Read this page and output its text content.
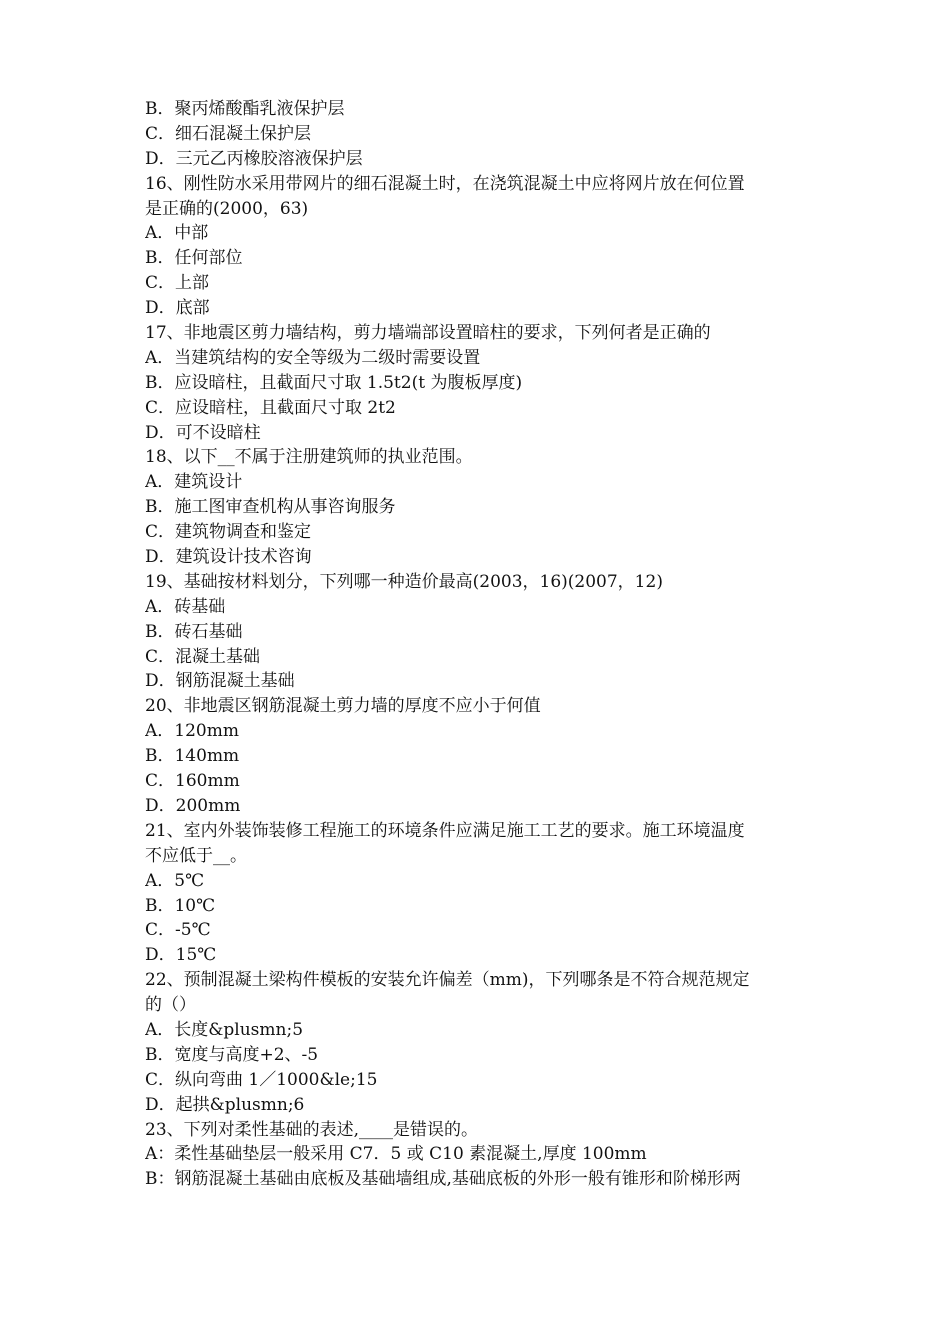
B．聚丙烯酸酯乳液保护层
C．细石混凝土保护层
D．三元乙丙橡胶溶液保护层
16、刚性防水采用带网片的细石混凝土时，在浇筑混凝土中应将网片放在何位置
是正确的(2000，63)
A．中部
B．任何部位
C．上部
D．底部
17、非地震区剪力墙结构，剪力墙端部设置暗柱的要求，下列何者是正确的
A．当建筑结构的安全等级为二级时需要设置
B．应设暗柱，且截面尺寸取 1.5t2(t 为腹板厚度)
C．应设暗柱，且截面尺寸取 2t2
D．可不设暗柱
18、以下__不属于注册建筑师的执业范围。
A．建筑设计
B．施工图审查机构从事咨询服务
C．建筑物调查和鉴定
D．建筑设计技术咨询
19、基础按材料划分，下列哪一种造价最高(2003，16)(2007，12)
A．砖基础
B．砖石基础
C．混凝土基础
D．钢筋混凝土基础
20、非地震区钢筋混凝土剪力墙的厚度不应小于何值
A．120mm
B．140mm
C．160mm
D．200mm
21、室内外装饰装修工程施工的环境条件应满足施工工艺的要求。施工环境温度
不应低于__。
A．5℃
B．10℃
C．-5℃
D．15℃
22、预制混凝土梁构件模板的安装允许偏差（mm)，下列哪条是不符合规范规定
的（）
A．长度&plusmn;5
B．宽度与高度+2、-5
C．纵向弯曲 1／1000&le;15
D．起拱&plusmn;6
23、下列对柔性基础的表述,____是错误的。
A：柔性基础垫层一般采用 C7．5 或 C10 素混凝土,厚度 100mm
B：钢筋混凝土基础由底板及基础墙组成,基础底板的外形一般有锥形和阶梯形两
